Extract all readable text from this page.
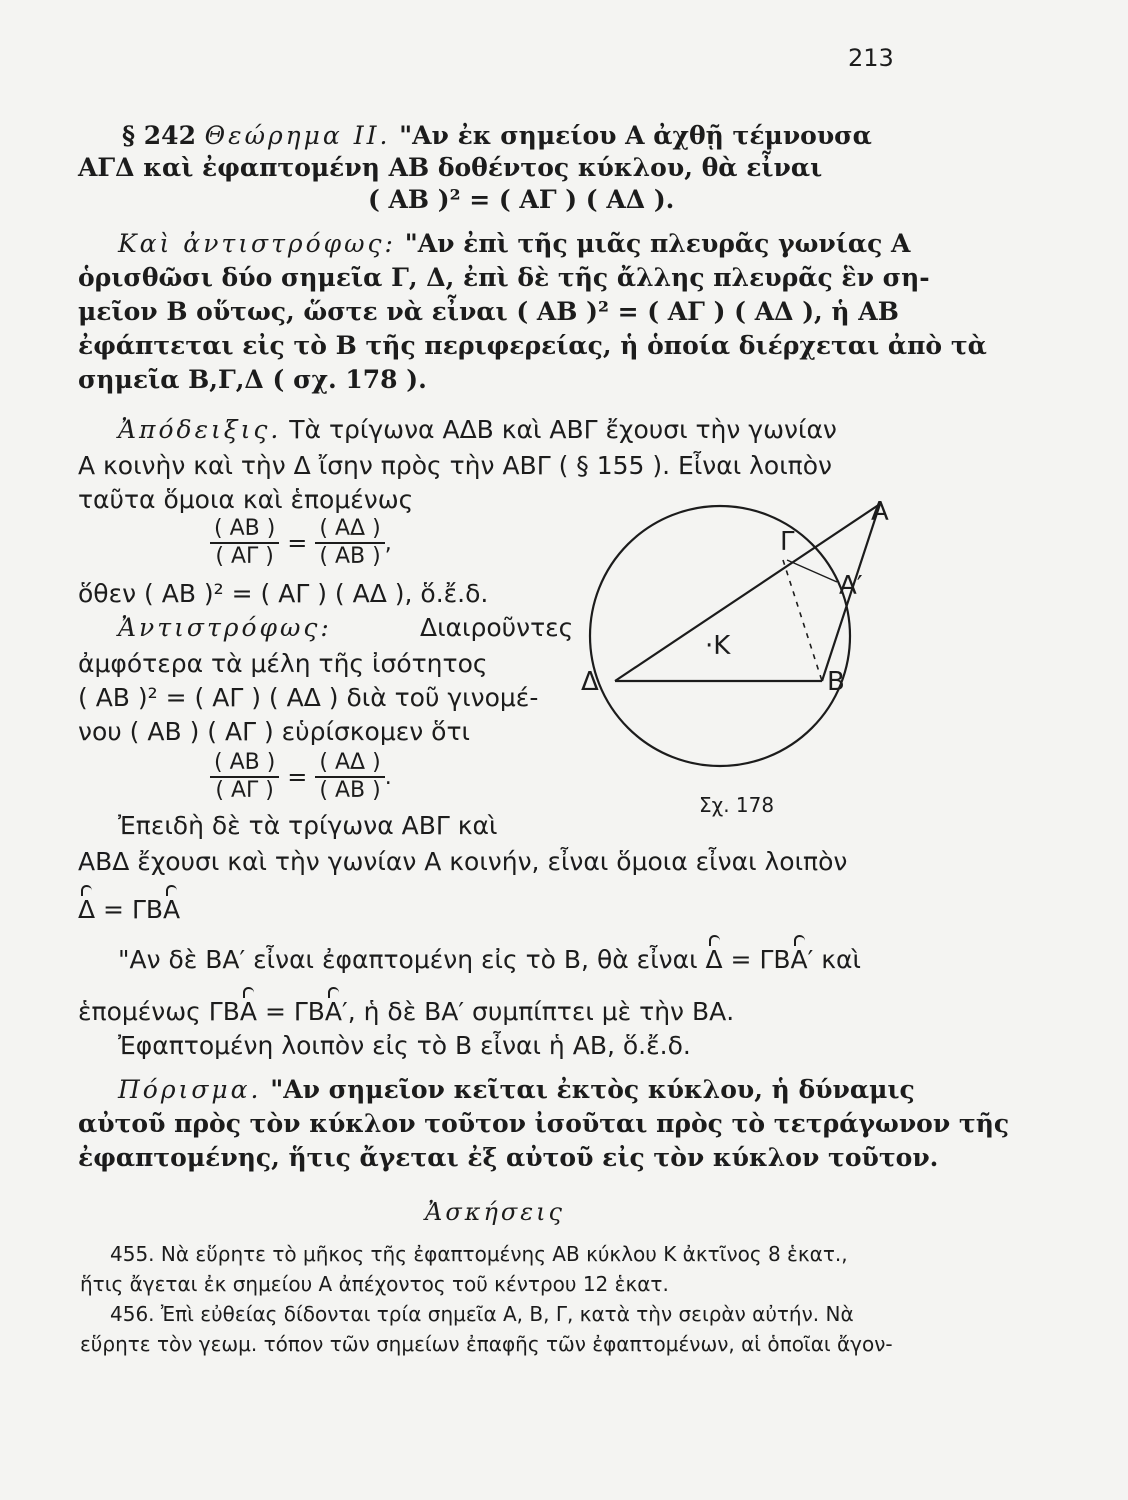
213
§ 242 Θεώρημα ΙΙ. "Αν ἐκ σημείου Α ἀχθῇ τέμνουσα
ΑΓΔ καὶ ἐφαπτομένη ΑΒ δοθέντος κύκλου, θὰ εἶναι
( ΑΒ )² = ( ΑΓ ) ( ΑΔ ).
Καὶ ἀντιστρόφως: "Αν ἐπὶ τῆς μιᾶς πλευρᾶς γωνίας Α
ὁρισθῶσι δύο σημεῖα Γ, Δ, ἐπὶ δὲ τῆς ἄλλης πλευρᾶς ἓν ση-
μεῖον Β οὕτως, ὥστε νὰ εἶναι ( ΑΒ )² = ( ΑΓ ) ( ΑΔ ), ἡ ΑΒ
ἐφάπτεται εἰς τὸ Β τῆς περιφερείας, ἡ ὁποία διέρχεται ἀπὸ τὰ
σημεῖα Β,Γ,Δ ( σχ. 178 ).
Ἀπόδειξις. Τὰ τρίγωνα ΑΔΒ καὶ ΑΒΓ ἔχουσι τὴν γωνίαν
Α κοινὴν καὶ τὴν Δ ἴσην πρὸς τὴν ΑΒΓ ( § 155 ). Εἶναι λοιπὸν
ταῦτα ὅμοια καὶ ἑπομένως
$\frac{( AB )}{( A\Gamma )} = \frac{( A\Delta )}{( AB )}$ ,
ὅθεν ( ΑΒ )² = ( ΑΓ ) ( ΑΔ ), ὅ.ἔ.δ.
Ἀντιστρόφως:	Διαιροῦντες
ἀμφότερα τὰ μέλη τῆς ἰσότητος
( ΑΒ )² = ( ΑΓ ) ( ΑΔ ) διὰ τοῦ γινομέ-
νου ( ΑΒ ) ( ΑΓ ) εὑρίσκομεν ὅτι
$\frac{( AB )}{( A\Gamma )} = \frac{( A\Delta )}{( AB )}$ .
Ἐπειδὴ δὲ τὰ τρίγωνα ΑΒΓ καὶ
ΑΒΔ ἔχουσι καὶ τὴν γωνίαν Α κοινήν, εἶναι ὅμοια εἶναι λοιπὸν
Δ = ΓΒΑ
"Αν δὲ ΒΑ′ εἶναι ἐφαπτομένη εἰς τὸ Β, θὰ εἶναι Δ = ΓΒΑ′ καὶ
ἑπομένως ΓΒΑ = ΓΒΑ′, ἡ δὲ ΒΑ′ συμπίπτει μὲ τὴν ΒΑ.
Ἐφαπτομένη λοιπὸν εἰς τὸ Β εἶναι ἡ ΑΒ, ὅ.ἔ.δ.
Πόρισμα. "Αν σημεῖον κεῖται ἐκτὸς κύκλου, ἡ δύναμις
αὐτοῦ πρὸς τὸν κύκλον τοῦτον ἰσοῦται πρὸς τὸ τετράγωνον τῆς
ἐφαπτομένης, ἥτις ἄγεται ἐξ αὐτοῦ εἰς τὸν κύκλον τοῦτον.
Ἀσκήσεις
455. Νὰ εὕρητε τὸ μῆκος τῆς ἐφαπτομένης ΑΒ κύκλου Κ ἀκτῖνος 8 ἑκατ.,
ἥτις ἄγεται ἐκ σημείου Α ἀπέχοντος τοῦ κέντρου 12 ἑκατ.
456. Ἐπὶ εὐθείας δίδονται τρία σημεῖα Α, Β, Γ, κατὰ τὴν σειρὰν αὐτήν. Νὰ
εὕρητε τὸν γεωμ. τόπον τῶν σημείων ἐπαφῆς τῶν ἐφαπτομένων, αἱ ὁποῖαι ἄγον-
Α
Α′
Γ
·Κ
Β
Δ
Σχ. 178
